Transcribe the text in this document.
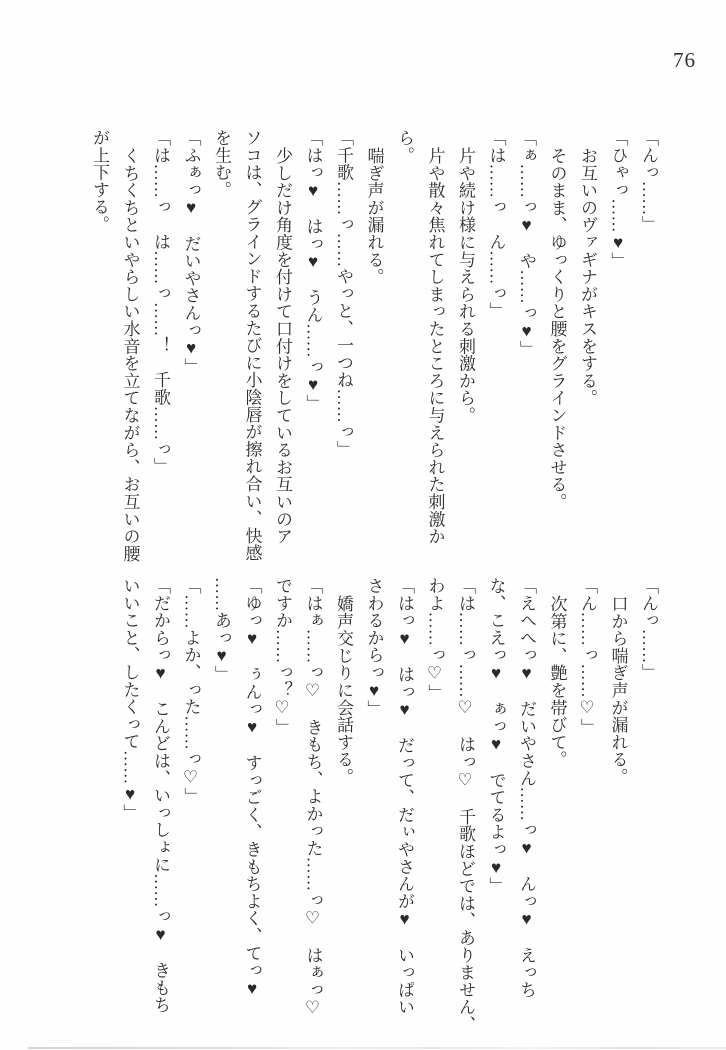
76

「んっ……」

「ひゃっ……♥」

お互いのヴァギナがキスをする。

そのまま、ゆっくりと腰をグラインドさせる。

「ぁ……っ♥　や……っ♥」

「は……っ　ん……っ」

片や続け様に与えられる刺激から。

片や散々焦れてしまったところに与えられた刺激か

ら。

喘ぎ声が漏れる。

「千歌……っ……やっと、一つね……っ」

「はっ♥　はっ♥　うん……っ♥」

少しだけ角度を付けて口付けをしているお互いのア

ソコは、グラインドするたびに小陰唇が擦れ合い、快感

を生む。

「ふぁっ♥　だいやさんっ♥」

「は……っ　は……っ……！　千歌……っ」

くちくちといやらしい水音を立てながら、お互いの腰

が上下する。

「んっ……」

口から喘ぎ声が漏れる。

「ん……っ……♡」

次第に、艶を帯びて。

「えへへっ♥　だいやさん……っ♥　んっ♥　えっち

な、こえっ♥　ぁっ♥　でてるよっ♥」

「は……っ……♡　はっ♡　千歌ほどでは、ありません、

わよ……っ♡」

「はっ♥　はっ♥　だって、だぃやさんが♥　いっぱい

さわるからっ♥」

嬌声交じりに会話する。

「はぁ……っ♡　きもち、よかった……っ♡　はぁっ♡

ですか……っ？♡」

「ゆっ♥　ぅんっ♥　すっごく、きもちよく、てっ♥

……あっ♥」

「……よか、った……っ♡」

「だからっ♥　こんどは、いっしょに……っ♥　きもち

いいこと、したくって……♥」
